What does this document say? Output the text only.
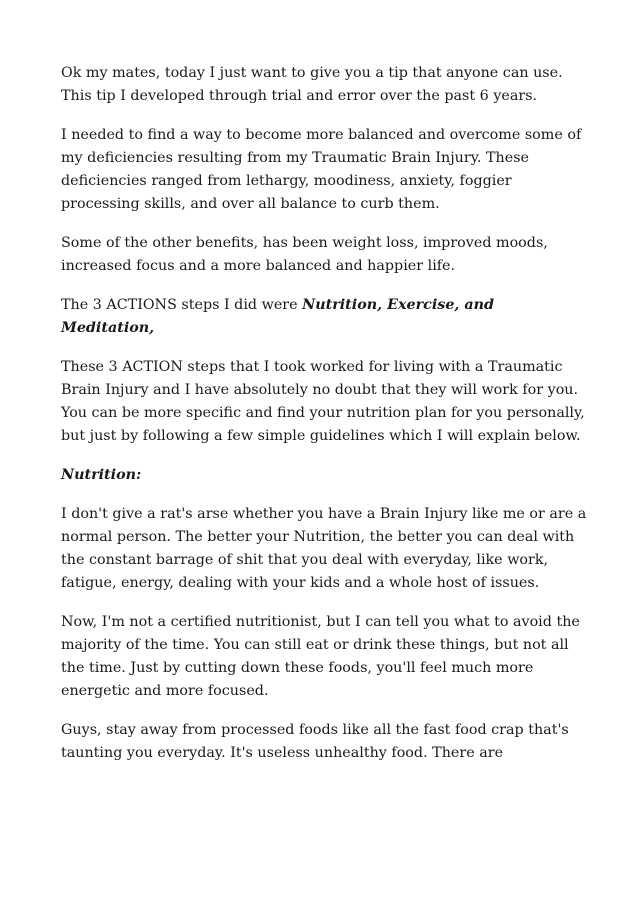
Ok my mates, today I just want to give you a tip that anyone can use. This tip I developed through trial and error over the past 6 years.

I needed to find a way to become more balanced and overcome some of my deficiencies resulting from my Traumatic Brain Injury. These deficiencies ranged from lethargy, moodiness, anxiety, foggier processing skills, and over all balance to curb them.

Some of the other benefits, has been weight loss, improved moods, increased focus and a more balanced and happier life.

The 3 ACTIONS steps I did were Nutrition, Exercise, and Meditation,

These 3 ACTION steps that I took worked for living with a Traumatic Brain Injury and I have absolutely no doubt that they will work for you. You can be more specific and find your nutrition plan for you personally, but just by following a few simple guidelines which I will explain below.

Nutrition:

I don't give a rat's arse whether you have a Brain Injury like me or are a normal person. The better your Nutrition, the better you can deal with the constant barrage of shit that you deal with everyday, like work, fatigue, energy, dealing with your kids and a whole host of issues.

Now, I'm not a certified nutritionist, but I can tell you what to avoid the majority of the time. You can still eat or drink these things, but not all the time. Just by cutting down these foods, you'll feel much more energetic and more focused.

Guys, stay away from processed foods like all the fast food crap that's taunting you everyday. It's useless unhealthy food. There are
